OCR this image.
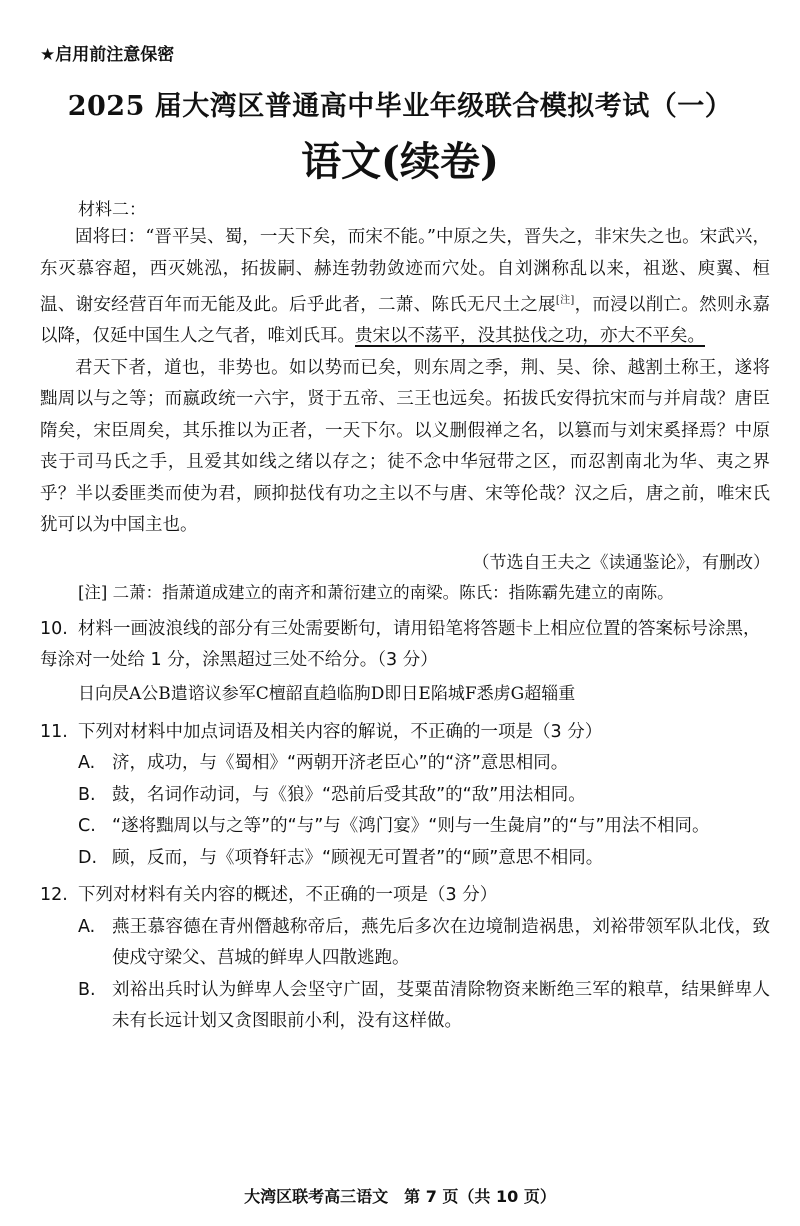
★启用前注意保密
2025 届大湾区普通高中毕业年级联合模拟考试（一）
语文(续卷)

材料二：

固将曰：“晋平吴、蜀，一天下矣，而宋不能。”中原之失，晋失之，非宋失之也。宋武兴，东灭慕容超，西灭姚泓，拓拔嗣、赫连勃勃敛迹而穴处。自刘渊称乱以来，祖逖、庾翼、桓温、谢安经营百年而无能及此。后乎此者，二萧、陈氏无尺土之展[注]，而浸以削亡。然则永嘉以降，仅延中国生人之气者，唯刘氏耳。贵宋以不荡平，没其挞伐之功，亦大不平矣。

君天下者，道也，非势也。如以势而已矣，则东周之季，荆、吴、徐、越割土称王，遂将黜周以与之等；而嬴政统一六宇，贤于五帝、三王也远矣。拓拔氏安得抗宋而与并肩哉？唐臣隋矣，宋臣周矣，其乐推以为正者，一天下尔。以义删假禅之名，以篡而与刘宋奚择焉？中原丧于司马氏之手，且爱其如线之绪以存之；徒不念中华冠带之区，而忍割南北为华、夷之界乎？半以委匪类而使为君，顾抑挞伐有功之主以不与唐、宋等伦哉？汉之后，唐之前，唯宋氏犹可以为中国主也。

（节选自王夫之《读通鉴论》，有删改）

[注] 二萧：指萧道成建立的南齐和萧衍建立的南梁。陈氏：指陈霸先建立的南陈。

10. 材料一画波浪线的部分有三处需要断句，请用铅笔将答题卡上相应位置的答案标号涂黑，每涂对一处给 1 分，涂黑超过三处不给分。（3 分）

日向昃A公B遣谘议参军C檀韶直趋临朐D即日E陷城F悉虏G超辎重

11. 下列对材料中加点词语及相关内容的解说，不正确的一项是（3 分）

A. 济，成功，与《蜀相》“两朝开济老臣心”的“济”意思相同。
B. 鼓，名词作动词，与《狼》“恐前后受其敌”的“敌”用法相同。
C. “遂将黜周以与之等”的“与”与《鸿门宴》“则与一生彘肩”的“与”用法不相同。
D. 顾，反而，与《项脊轩志》“顾视无可置者”的“顾”意思不相同。

12. 下列对材料有关内容的概述，不正确的一项是（3 分）

A. 燕王慕容德在青州僭越称帝后，燕先后多次在边境制造祸患，刘裕带领军队北伐，致使戍守梁父、莒城的鲜卑人四散逃跑。
B. 刘裕出兵时认为鲜卑人会坚守广固，芟粟苗清除物资来断绝三军的粮草，结果鲜卑人未有长远计划又贪图眼前小利，没有这样做。
大湾区联考高三语文　第 7 页（共 10 页）
